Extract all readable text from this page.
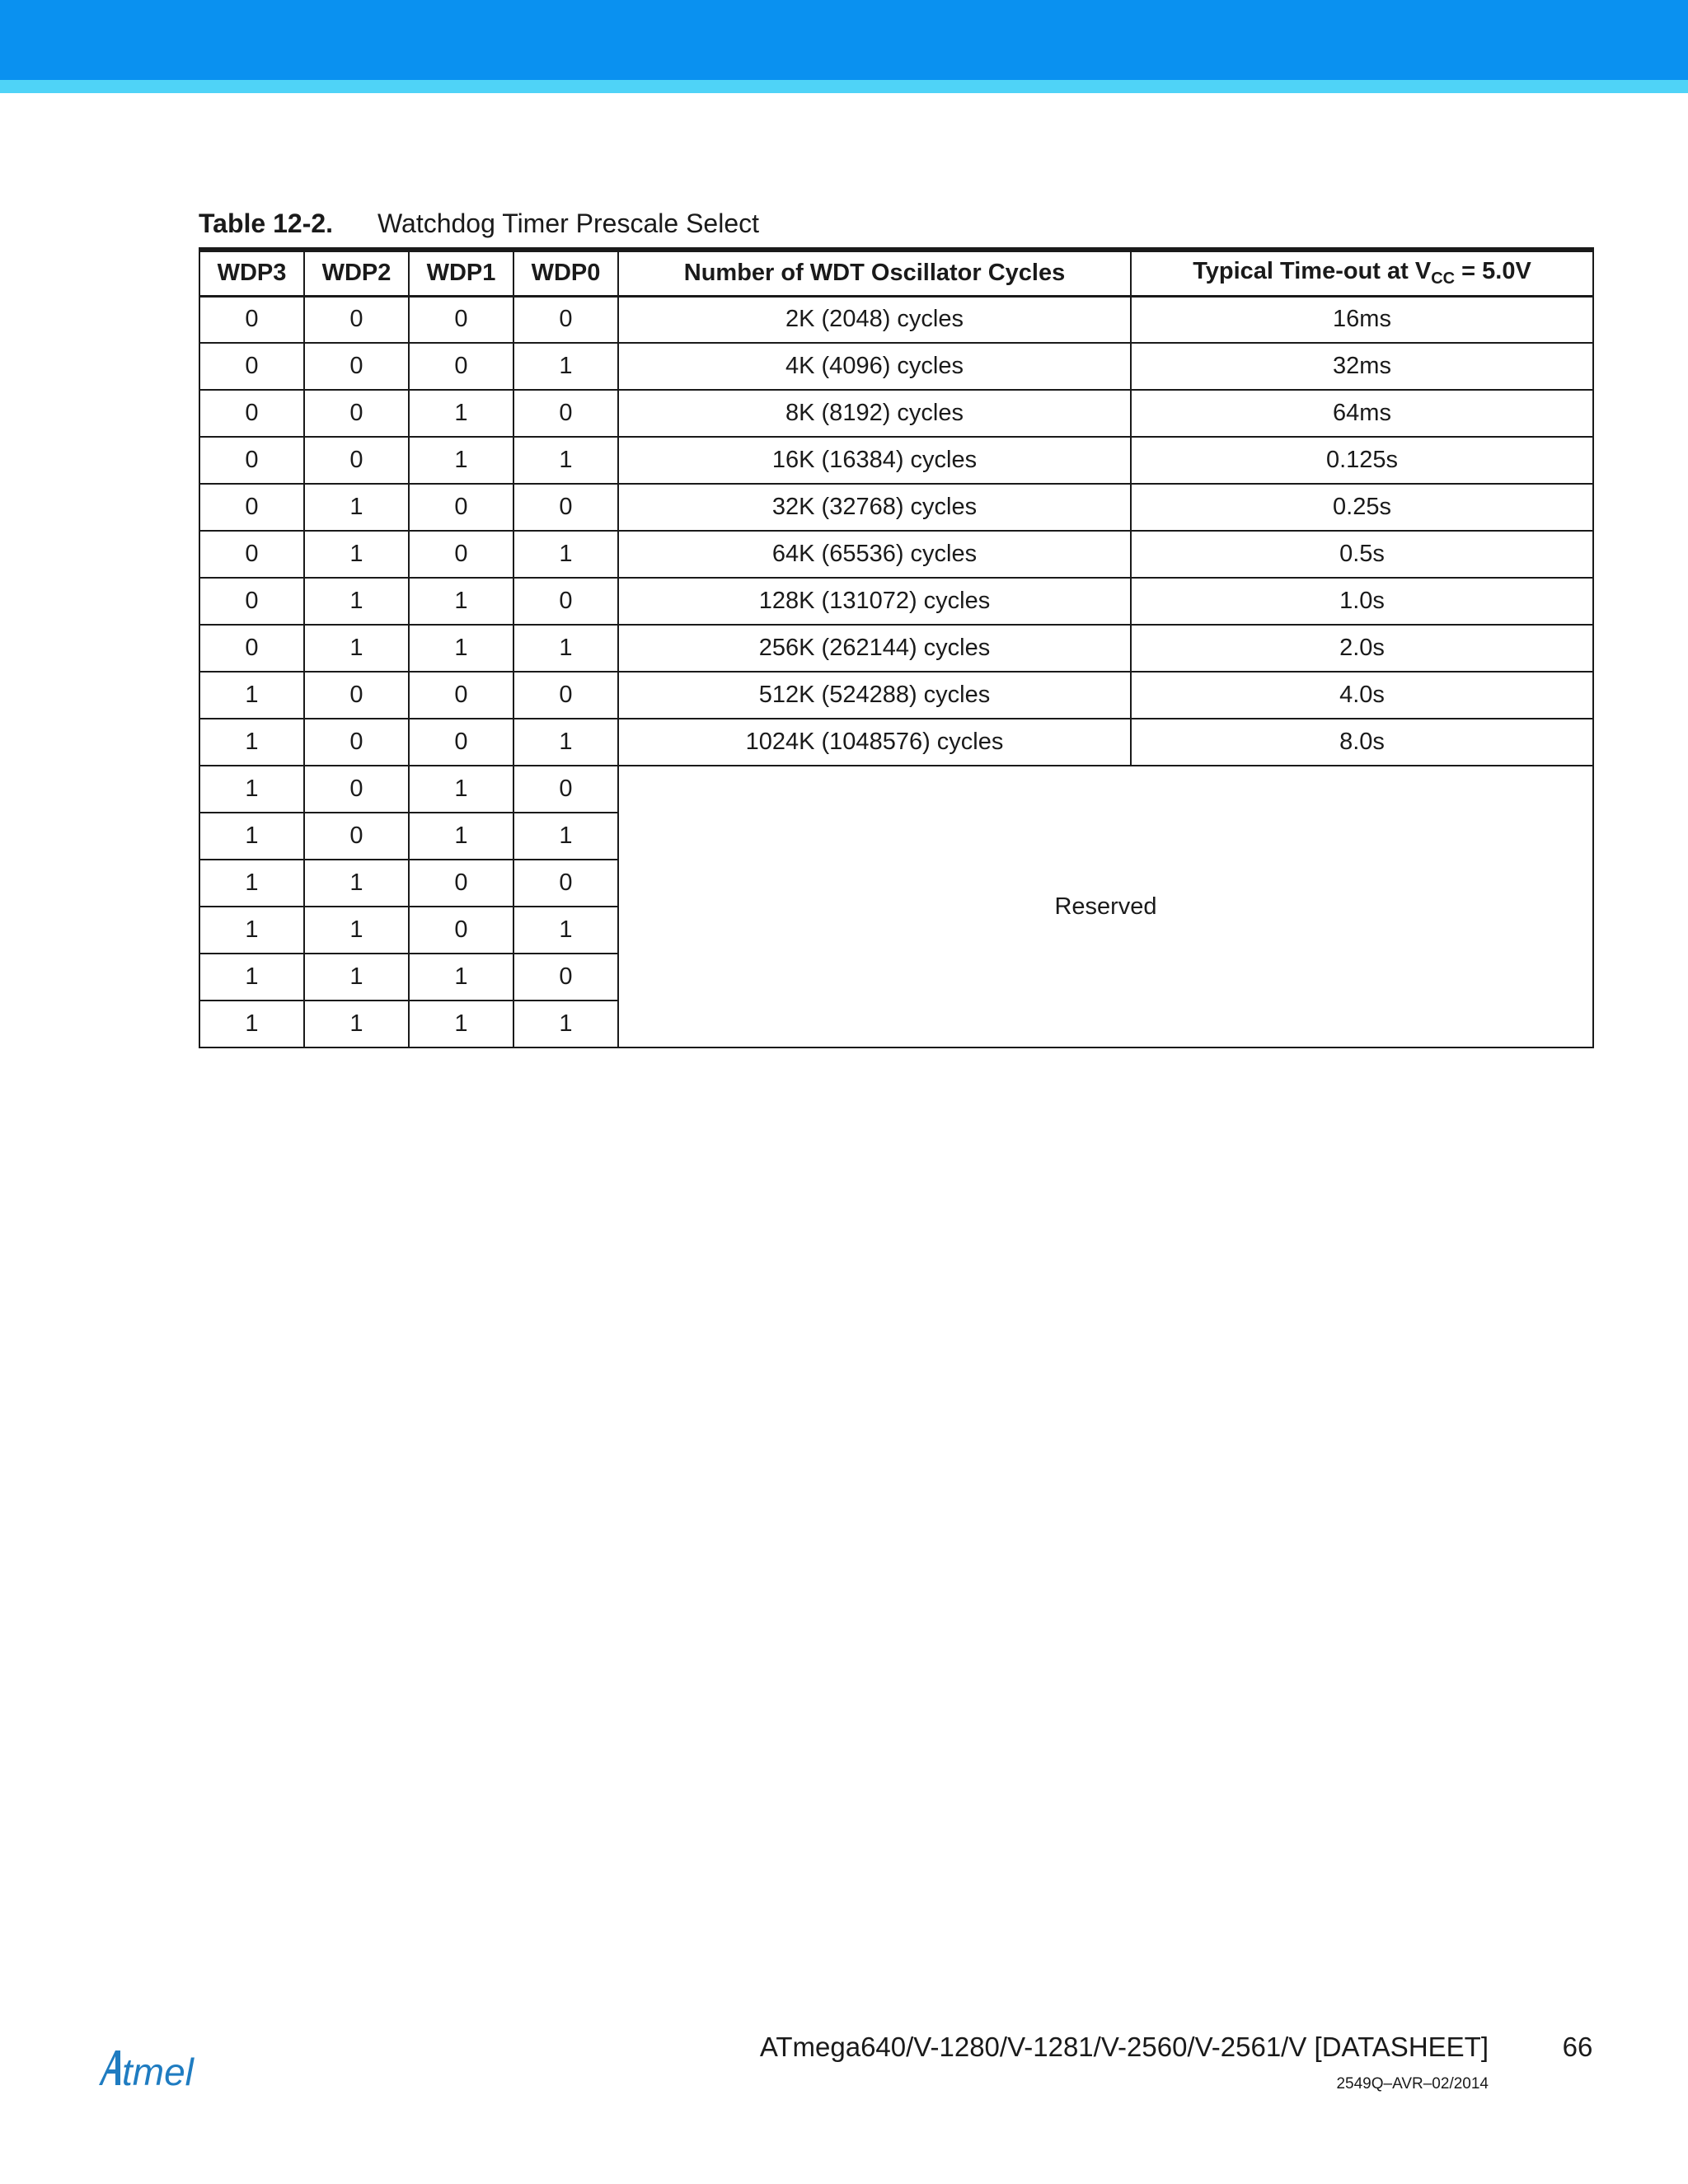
Table 12-2. Watchdog Timer Prescale Select
WDP3	WDP2	WDP1	WDP0	Number of WDT Oscillator Cycles	Typical Time-out at $V_{CC} = 5.0V$
0	0	0	0	2K (2048) cycles	16ms
0	0	0	1	4K (4096) cycles	32ms
0	0	1	0	8K (8192) cycles	64ms
0	0	1	1	16K (16384) cycles	0.125s
0	1	0	0	32K (32768) cycles	0.25s
0	1	0	1	64K (65536) cycles	0.5s
0	1	1	0	128K (131072) cycles	1.0s
0	1	1	1	256K (262144) cycles	2.0s
1	0	0	0	512K (524288) cycles	4.0s
1	0	0	1	1024K (1048576) cycles	8.0s
1	0	1	0	Reserved	
1	0	1	1		
1	1	0	0		
1	1	0	1		
1	1	1	0		
1	1	1	1		
tmel
ATmega640/V-1280/V-1281/V-2560/V-2561/V [DATASHEET]	66
2549Q–AVR–02/2014
